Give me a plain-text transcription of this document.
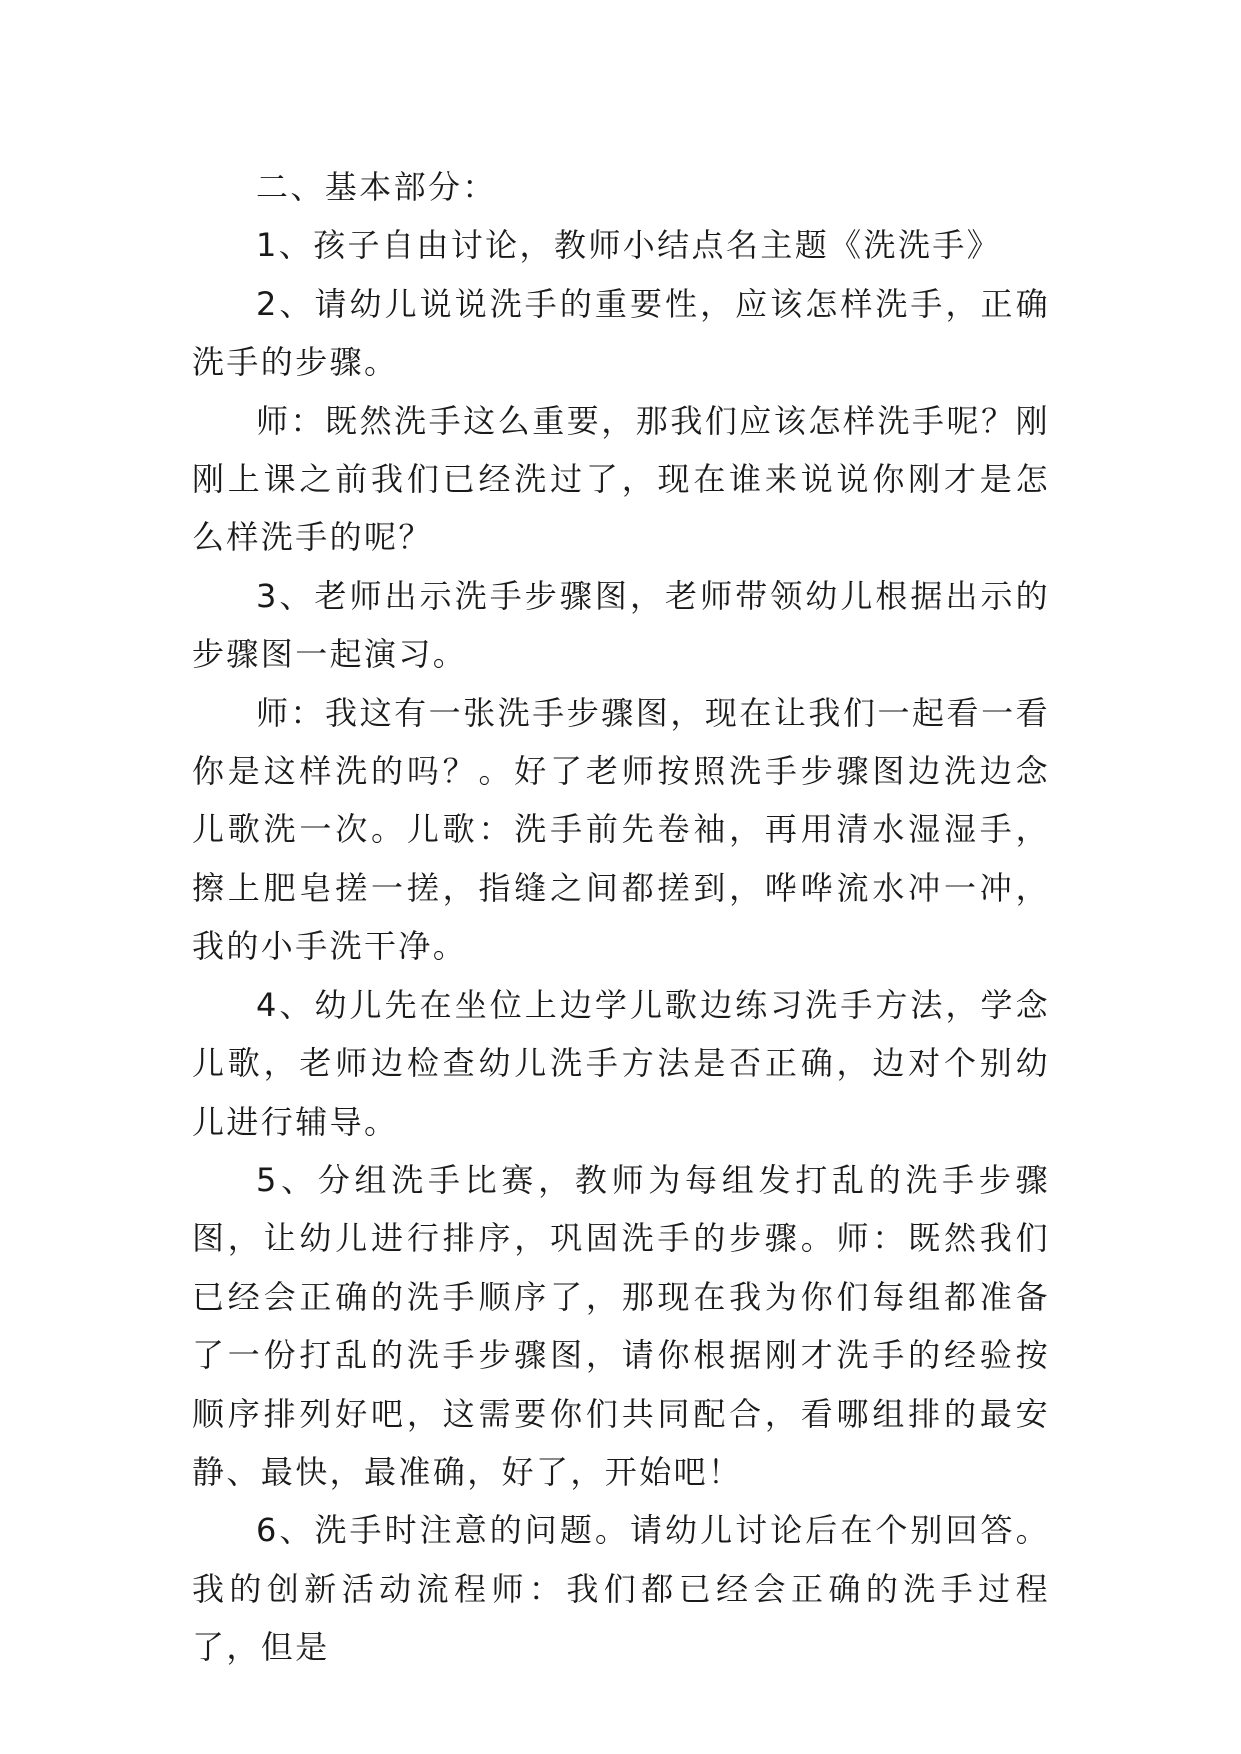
二、基本部分：

1、孩子自由讨论，教师小结点名主题《洗洗手》

2、请幼儿说说洗手的重要性，应该怎样洗手，正确洗手的步骤。

师：既然洗手这么重要，那我们应该怎样洗手呢？刚刚上课之前我们已经洗过了，现在谁来说说你刚才是怎么样洗手的呢？

3、老师出示洗手步骤图，老师带领幼儿根据出示的步骤图一起演习。

师：我这有一张洗手步骤图，现在让我们一起看一看你是这样洗的吗？。好了老师按照洗手步骤图边洗边念儿歌洗一次。儿歌：洗手前先卷袖，再用清水湿湿手，擦上肥皂搓一搓，指缝之间都搓到，哗哗流水冲一冲，我的小手洗干净。

4、幼儿先在坐位上边学儿歌边练习洗手方法，学念儿歌，老师边检查幼儿洗手方法是否正确，边对个别幼儿进行辅导。

5、分组洗手比赛，教师为每组发打乱的洗手步骤图，让幼儿进行排序，巩固洗手的步骤。师：既然我们已经会正确的洗手顺序了，那现在我为你们每组都准备了一份打乱的洗手步骤图，请你根据刚才洗手的经验按顺序排列好吧，这需要你们共同配合，看哪组排的最安静、最快，最准确，好了，开始吧！

6、洗手时注意的问题。请幼儿讨论后在个别回答。我的创新活动流程师：我们都已经会正确的洗手过程了，但是
